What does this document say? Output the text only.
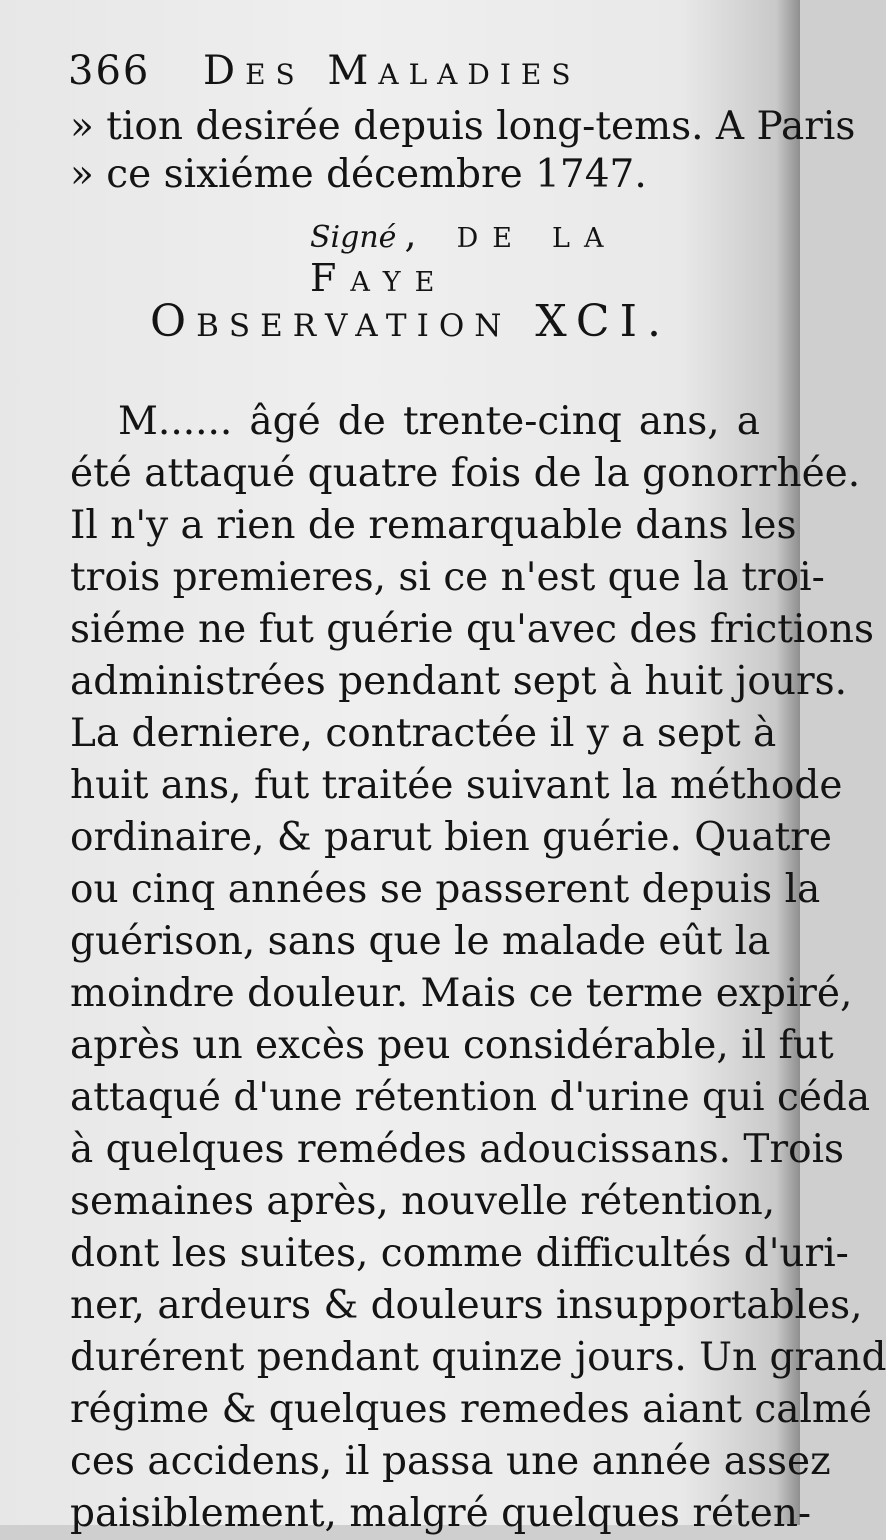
366 Des Maladies
» tion desirée depuis long-tems. A Paris
» ce sixiéme décembre 1747.
Signé , de la Faye
Observation XCI.
M...... âgé de trente-cinq ans, a
été attaqué quatre fois de la gonorrhée.
Il n'y a rien de remarquable dans les
trois premieres, si ce n'est que la troi-
siéme ne fut guérie qu'avec des frictions
administrées pendant sept à huit jours.
La derniere, contractée il y a sept à
huit ans, fut traitée suivant la méthode
ordinaire, & parut bien guérie. Quatre
ou cinq années se passerent depuis la
guérison, sans que le malade eût la
moindre douleur. Mais ce terme expiré,
après un excès peu considérable, il fut
attaqué d'une rétention d'urine qui céda
à quelques remédes adoucissans. Trois
semaines après, nouvelle rétention,
dont les suites, comme difficultés d'uri-
ner, ardeurs & douleurs insupportables,
durérent pendant quinze jours. Un grand
régime & quelques remedes aiant calmé
ces accidens, il passa une année assez
paisiblement, malgré quelques réten-
